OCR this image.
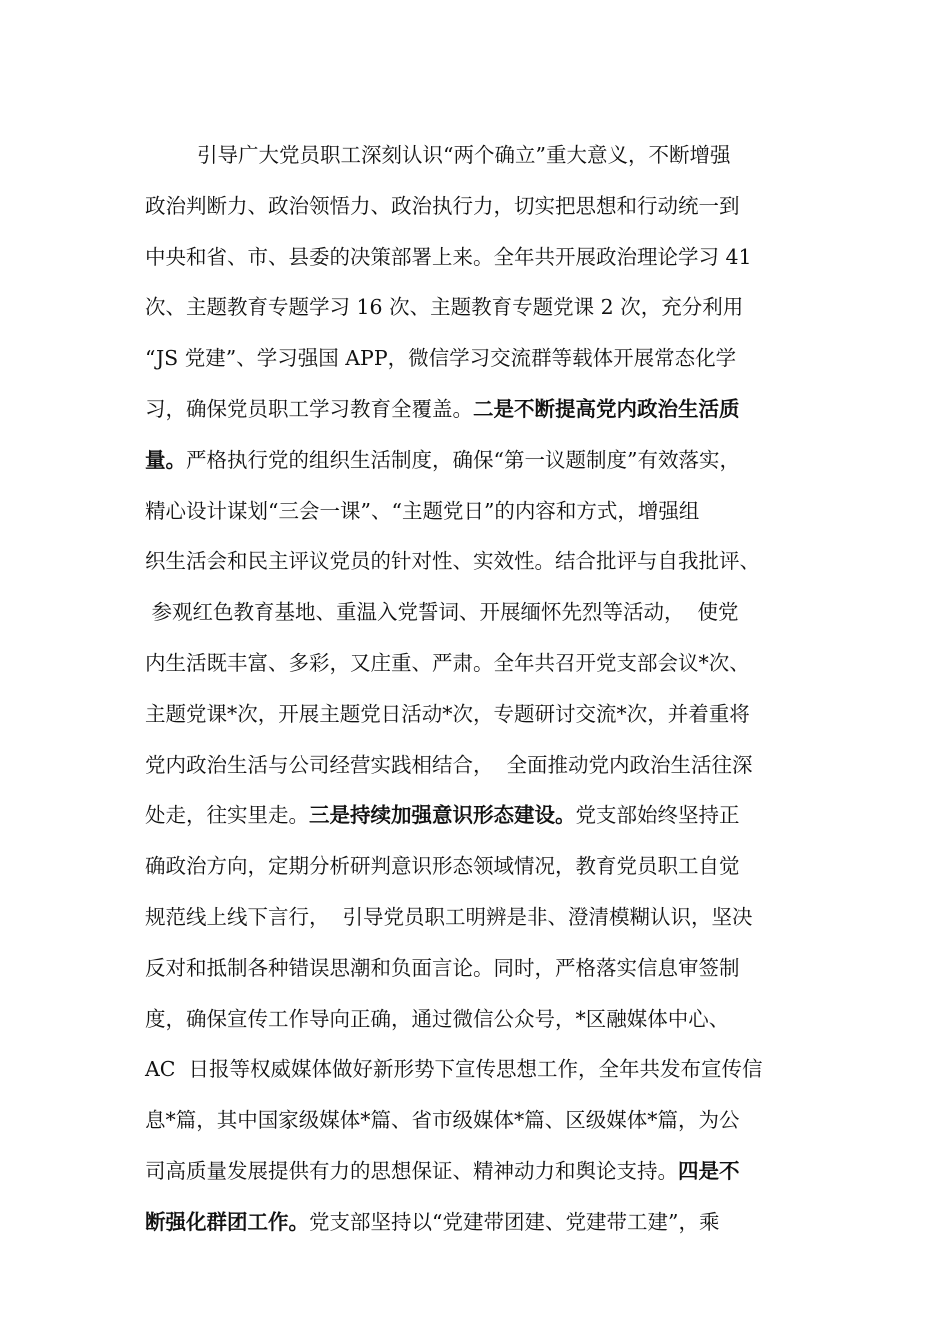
引导广大党员职工深刻认识“两个确立”重大意义，不断增强
政治判断力、政治领悟力、政治执行力，切实把思想和行动统一到
中央和省、市、县委的决策部署上来。全年共开展政治理论学习 41
次、主题教育专题学习 16 次、主题教育专题党课 2 次，充分利用
“JS 党建”、学习强国 APP，微信学习交流群等载体开展常态化学
习，确保党员职工学习教育全覆盖。二是不断提高党内政治生活质
量。严格执行党的组织生活制度，确保“第一议题制度”有效落实，
精心设计谋划“三会一课”、“主题党日”的内容和方式，增强组
织生活会和民主评议党员的针对性、实效性。结合批评与自我批评、
参观红色教育基地、重温入党誓词、开展缅怀先烈等活动，  使党
内生活既丰富、多彩，又庄重、严肃。全年共召开党支部会议*次、
主题党课*次，开展主题党日活动*次，专题研讨交流*次，并着重将
党内政治生活与公司经营实践相结合，  全面推动党内政治生活往深
处走，往实里走。三是持续加强意识形态建设。党支部始终坚持正
确政治方向，定期分析研判意识形态领域情况，教育党员职工自觉
规范线上线下言行，  引导党员职工明辨是非、澄清模糊认识，坚决
反对和抵制各种错误思潮和负面言论。同时，严格落实信息审签制
度，确保宣传工作导向正确，通过微信公众号，*区融媒体中心、
AC  日报等权威媒体做好新形势下宣传思想工作，全年共发布宣传信
息*篇，其中国家级媒体*篇、省市级媒体*篇、区级媒体*篇，为公
司高质量发展提供有力的思想保证、精神动力和舆论支持。四是不
断强化群团工作。党支部坚持以“党建带团建、党建带工建”，乘
